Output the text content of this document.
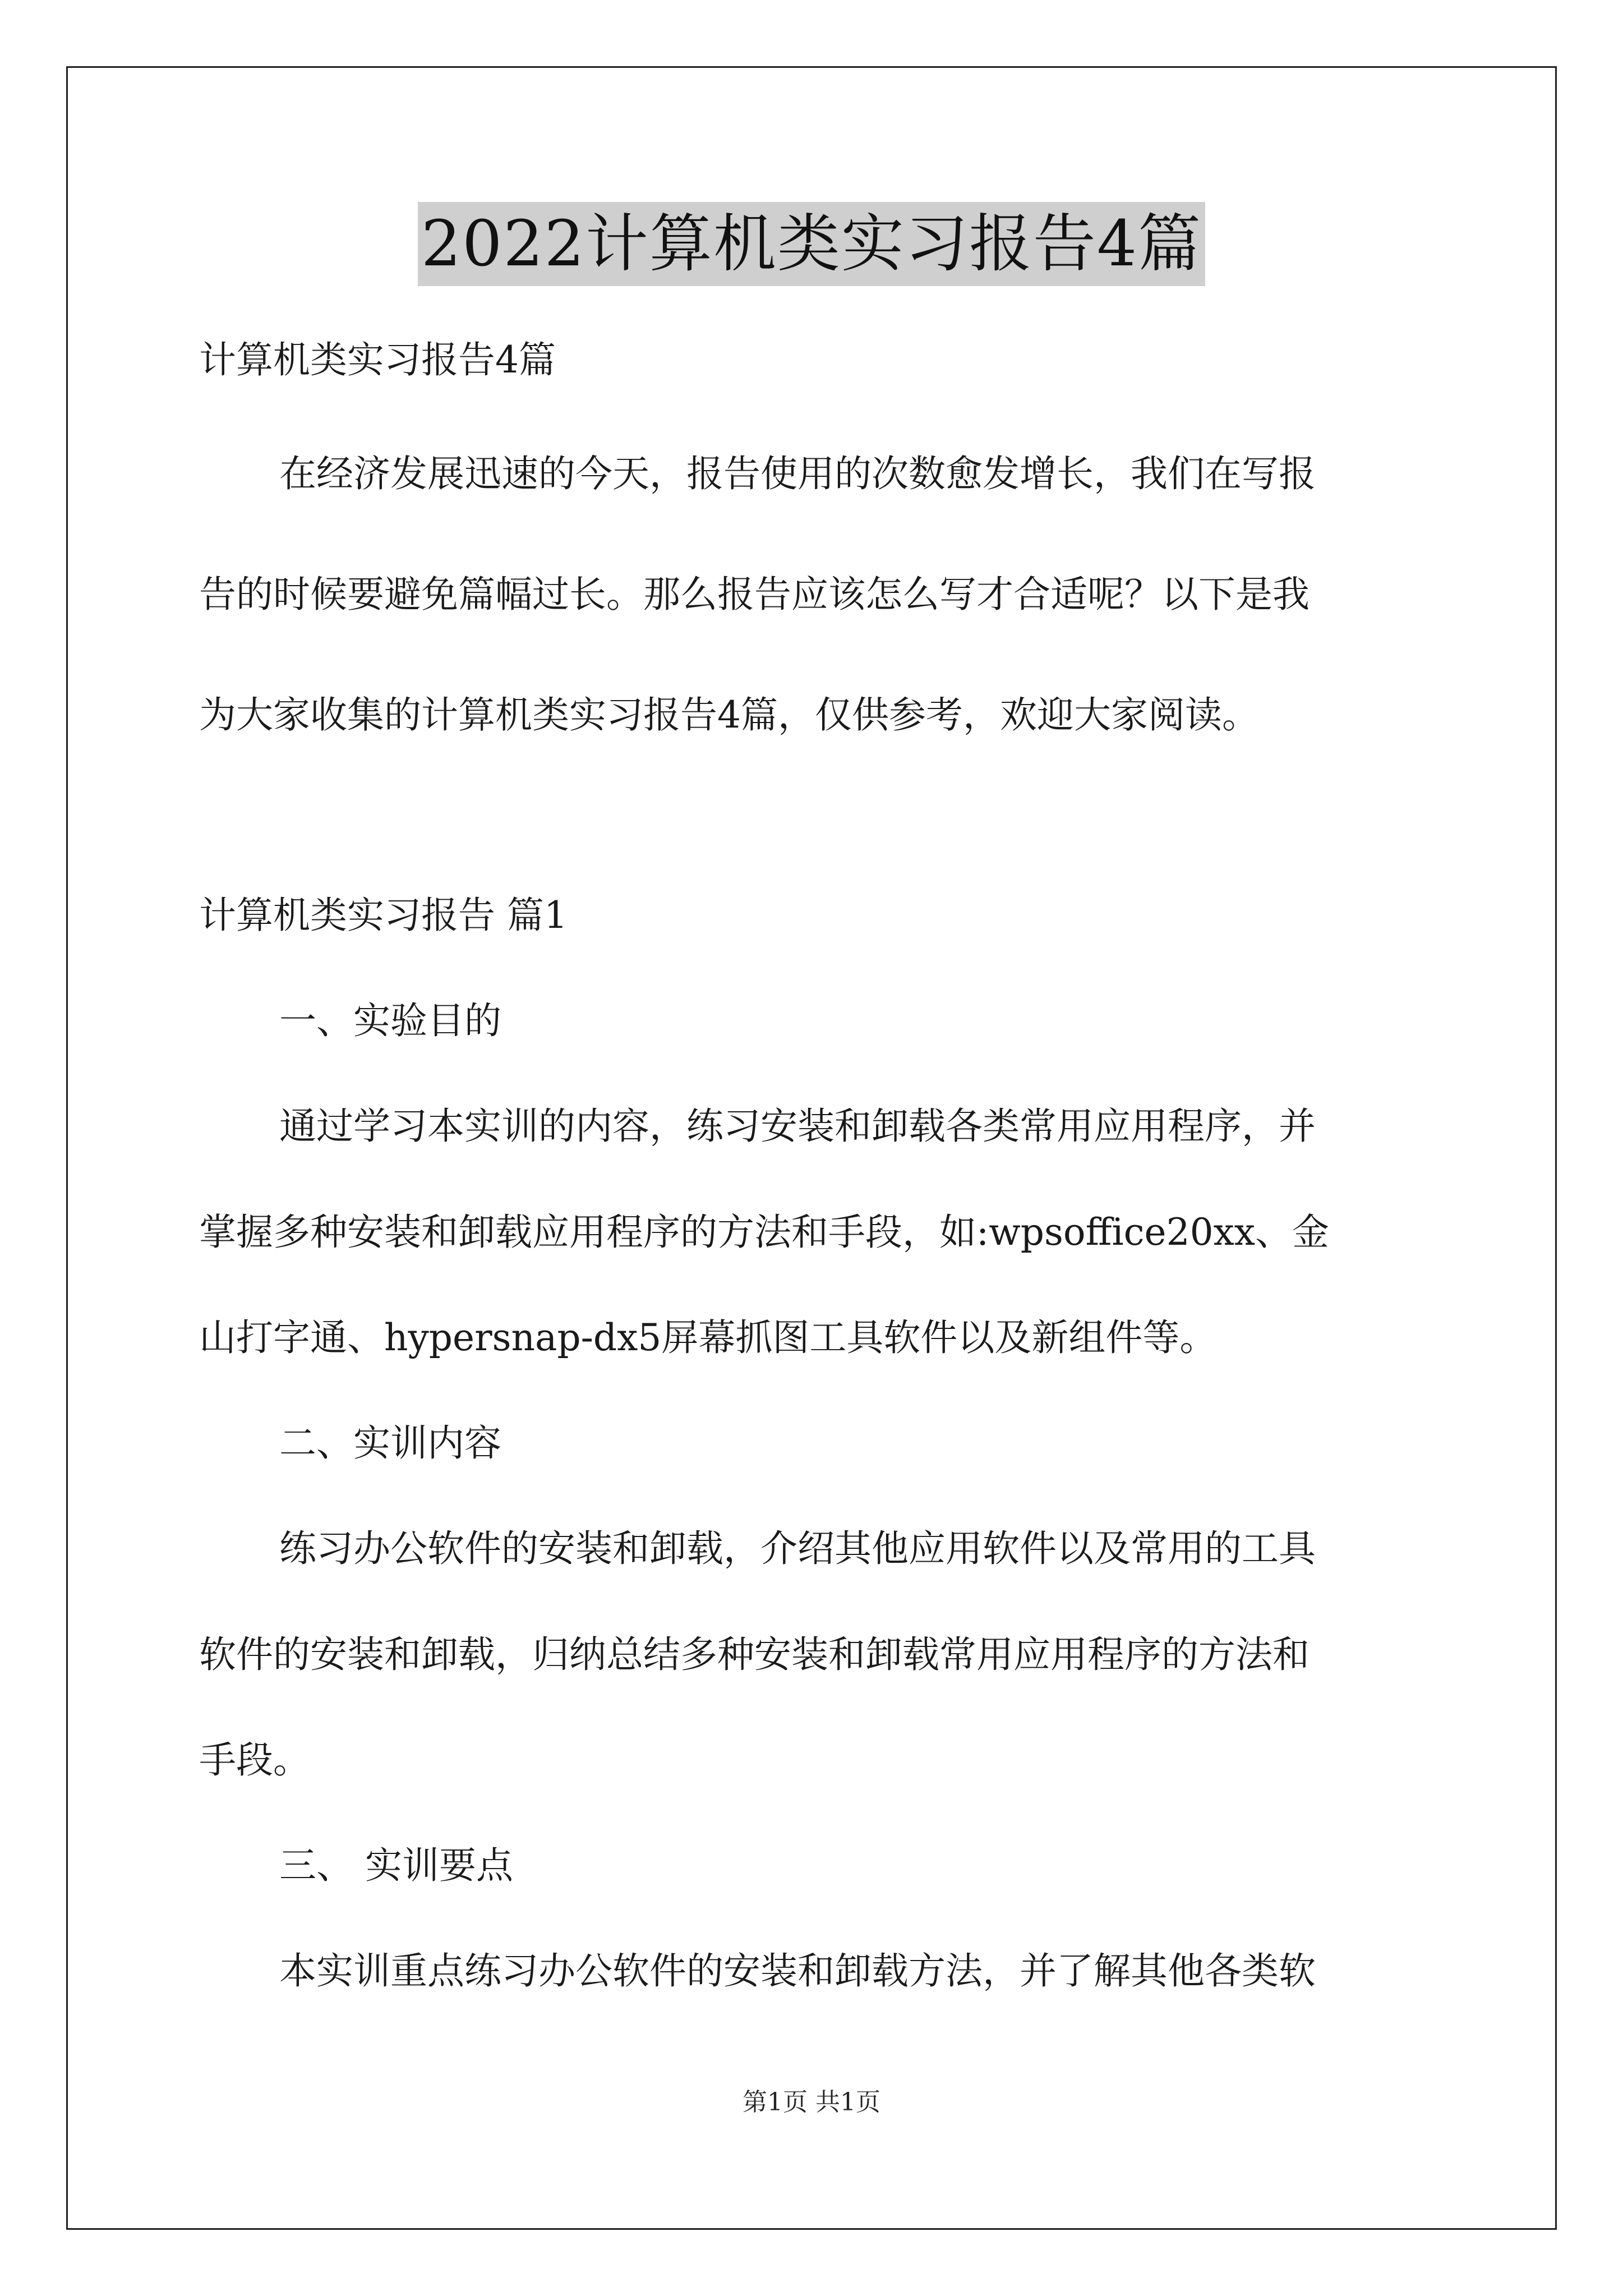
2022计算机类实习报告4篇
计算机类实习报告4篇
在经济发展迅速的今天，报告使用的次数愈发增长，我们在写报
告的时候要避免篇幅过长。那么报告应该怎么写才合适呢？以下是我
为大家收集的计算机类实习报告4篇，仅供参考，欢迎大家阅读。
计算机类实习报告 篇1
一、实验目的
通过学习本实训的内容，练习安装和卸载各类常用应用程序，并
掌握多种安装和卸载应用程序的方法和手段，如:wpsoffice20xx、金
山打字通、hypersnap-dx5屏幕抓图工具软件以及新组件等。
二、实训内容
练习办公软件的安装和卸载，介绍其他应用软件以及常用的工具
软件的安装和卸载，归纳总结多种安装和卸载常用应用程序的方法和
手段。
三、 实训要点
本实训重点练习办公软件的安装和卸载方法，并了解其他各类软
第1页 共1页
